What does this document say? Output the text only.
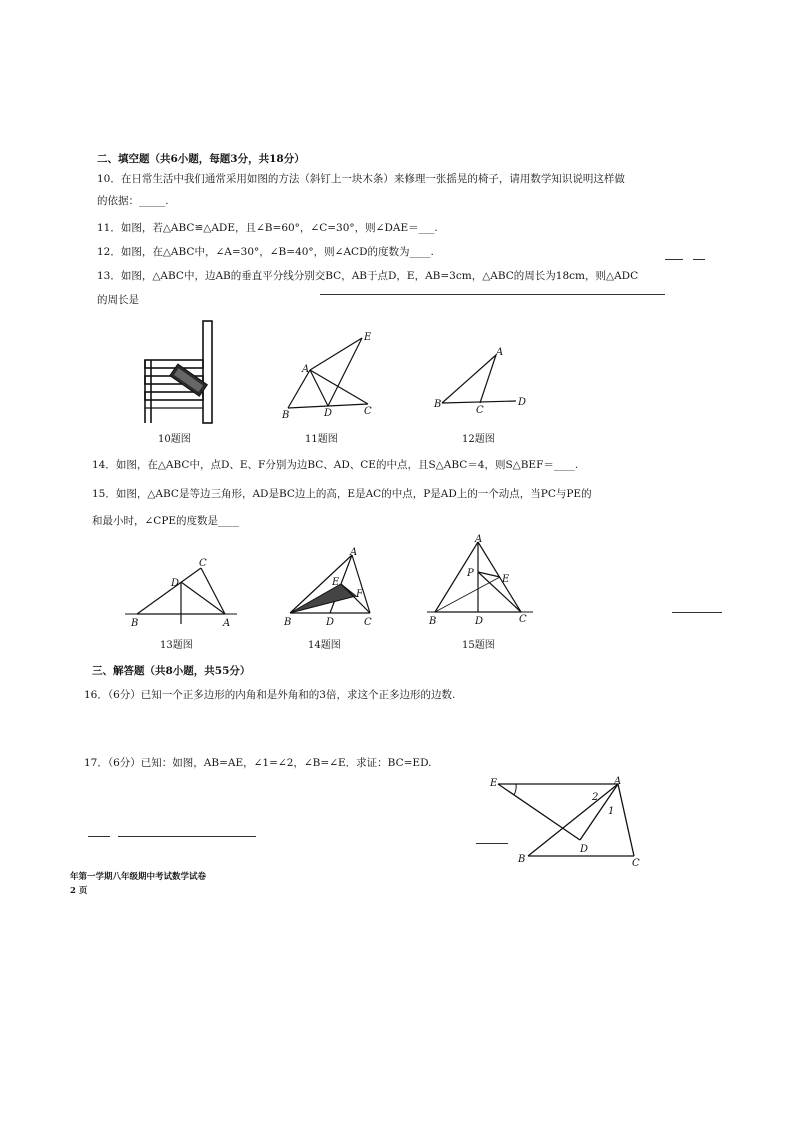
二、填空题（共6小题，每题3分，共18分）
10．在日常生活中我们通常采用如图的方法（斜钉上一块木条）来修理一张摇晃的椅子，请用数学知识说明这样做
的依据：_____.
11．如图，若△ABC≌△ADE，且∠B=60°，∠C=30°，则∠DAE＝___.
12．如图，在△ABC中，∠A=30°，∠B=40°，则∠ACD的度数为____.
13．如图，△ABC中，边AB的垂直平分线分别交BC，AB于点D，E，AB=3cm，△ABC的周长为18cm，则△ADC
的周长是
10题图
A
B	C
D
E
11题图
A
B
C
D
12题图
14．如图，在△ABC中，点D、E、F分别为边BC、AD、CE的中点，且S△ABC＝4，则S△BEF＝____.
15．如图，△ABC是等边三角形，AD是BC边上的高，E是AC的中点，P是AD上的一个动点，当PC与PE的
和最小时，∠CPE的度数是____
B	A
C
D
13题图
A
B	C
D
E
F
14题图
A
B	C
D
E
P
15题图
三、解答题（共8小题，共55分）
16．（6分）已知一个正多边形的内角和是外角和的3倍，求这个正多边形的边数.
17．（6分）已知：如图，AB=AE，∠1=∠2，∠B=∠E．求证：BC=ED.
E	A
B
D
C
1
2
年第一学期八年级期中考试数学试卷
2 页
